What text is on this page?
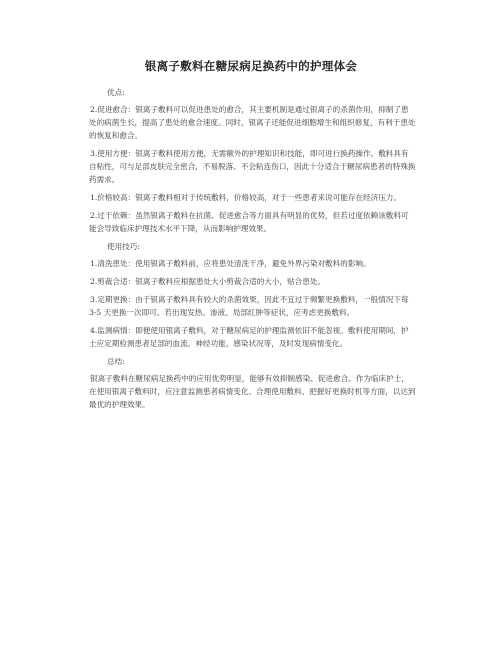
银离子敷料在糖尿病足换药中的护理体会
优点:

2.促进愈合：银离子敷料可以促进患处的愈合，其主要机制是通过银离子的杀菌作用，抑制了患处的病菌生长，提高了患处的愈合速度。同时，银离子还能促进细胞增生和组织修复，有利于患处的恢复和愈合。

3.使用方便：银离子敷料使用方便，无需额外的护理知识和技能，即可进行换药操作。敷料具有自粘性，可与足部皮肤完全密合，不易脱落、不会粘连伤口，因此十分适合于糖尿病患者的特殊换药需求。

1.价格较高：银离子敷料相对于传统敷料，价格较高，对于一些患者来说可能存在经济压力。

2.过于依赖：虽然银离子敷料在抗菌、促进愈合等方面具有明显的优势，但若过度依赖该敷料可能会导致临床护理技术水平下降，从而影响护理效果。

使用技巧:

1.清洗患处：使用银离子敷料前，应将患处清洗干净，避免外界污染对敷料的影响。

2.剪裁合适：银离子敷料应根据患处大小剪裁合适的大小，贴合患处。

3.定期更换：由于银离子敷料具有较大的杀菌效果，因此不宜过于频繁更换敷料，一般情况下每 3-5 天更换一次即可。若出现发热、渗液、局部红肿等症状，应考虑更换敷料。

4.监测病情：即便使用银离子敷料，对于糖尿病足的护理监测依旧不能忽视。敷料使用期间，护士应定期检测患者足部的血流、神经功能、感染状况等，及时发现病情变化。

总结:

银离子敷料在糖尿病足换药中的应用优势明显，能够有效抑制感染、促进愈合。作为临床护士，在使用银离子敷料时，应注意监测患者病情变化、合理使用敷料、把握好更换时机等方面，以达到最优的护理效果。
